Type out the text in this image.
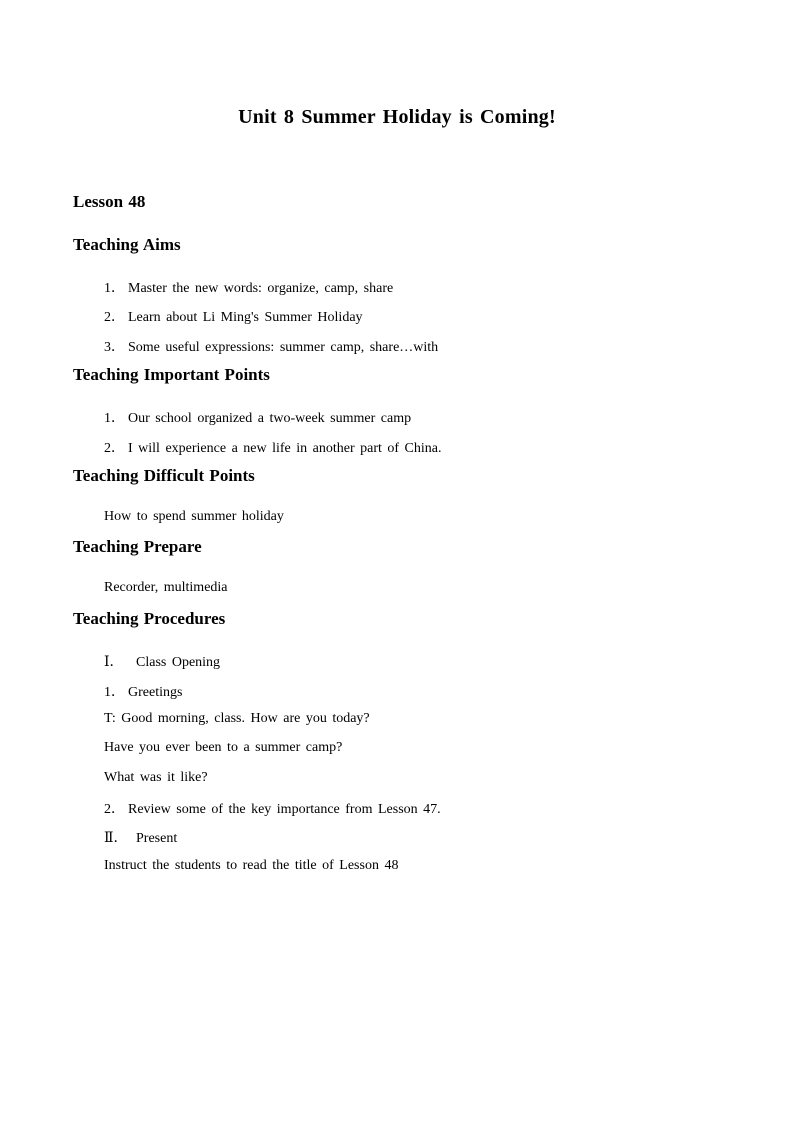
Unit 8 Summer Holiday is Coming!
Lesson 48
Teaching Aims
1． Master the new words: organize, camp, share
2． Learn about Li Ming's Summer Holiday
3． Some useful expressions: summer camp, share…with
Teaching Important Points
1． Our school organized a two-week summer camp
2． I will experience a new life in another part of China.
Teaching Difficult Points
How to spend summer holiday
Teaching Prepare
Recorder, multimedia
Teaching Procedures
Ⅰ． Class Opening
1． Greetings
T: Good morning, class. How are you today?
Have you ever been to a summer camp?
What was it like?
2． Review some of the key importance from Lesson 47.
Ⅱ． Present
Instruct the students to read the title of Lesson 48
